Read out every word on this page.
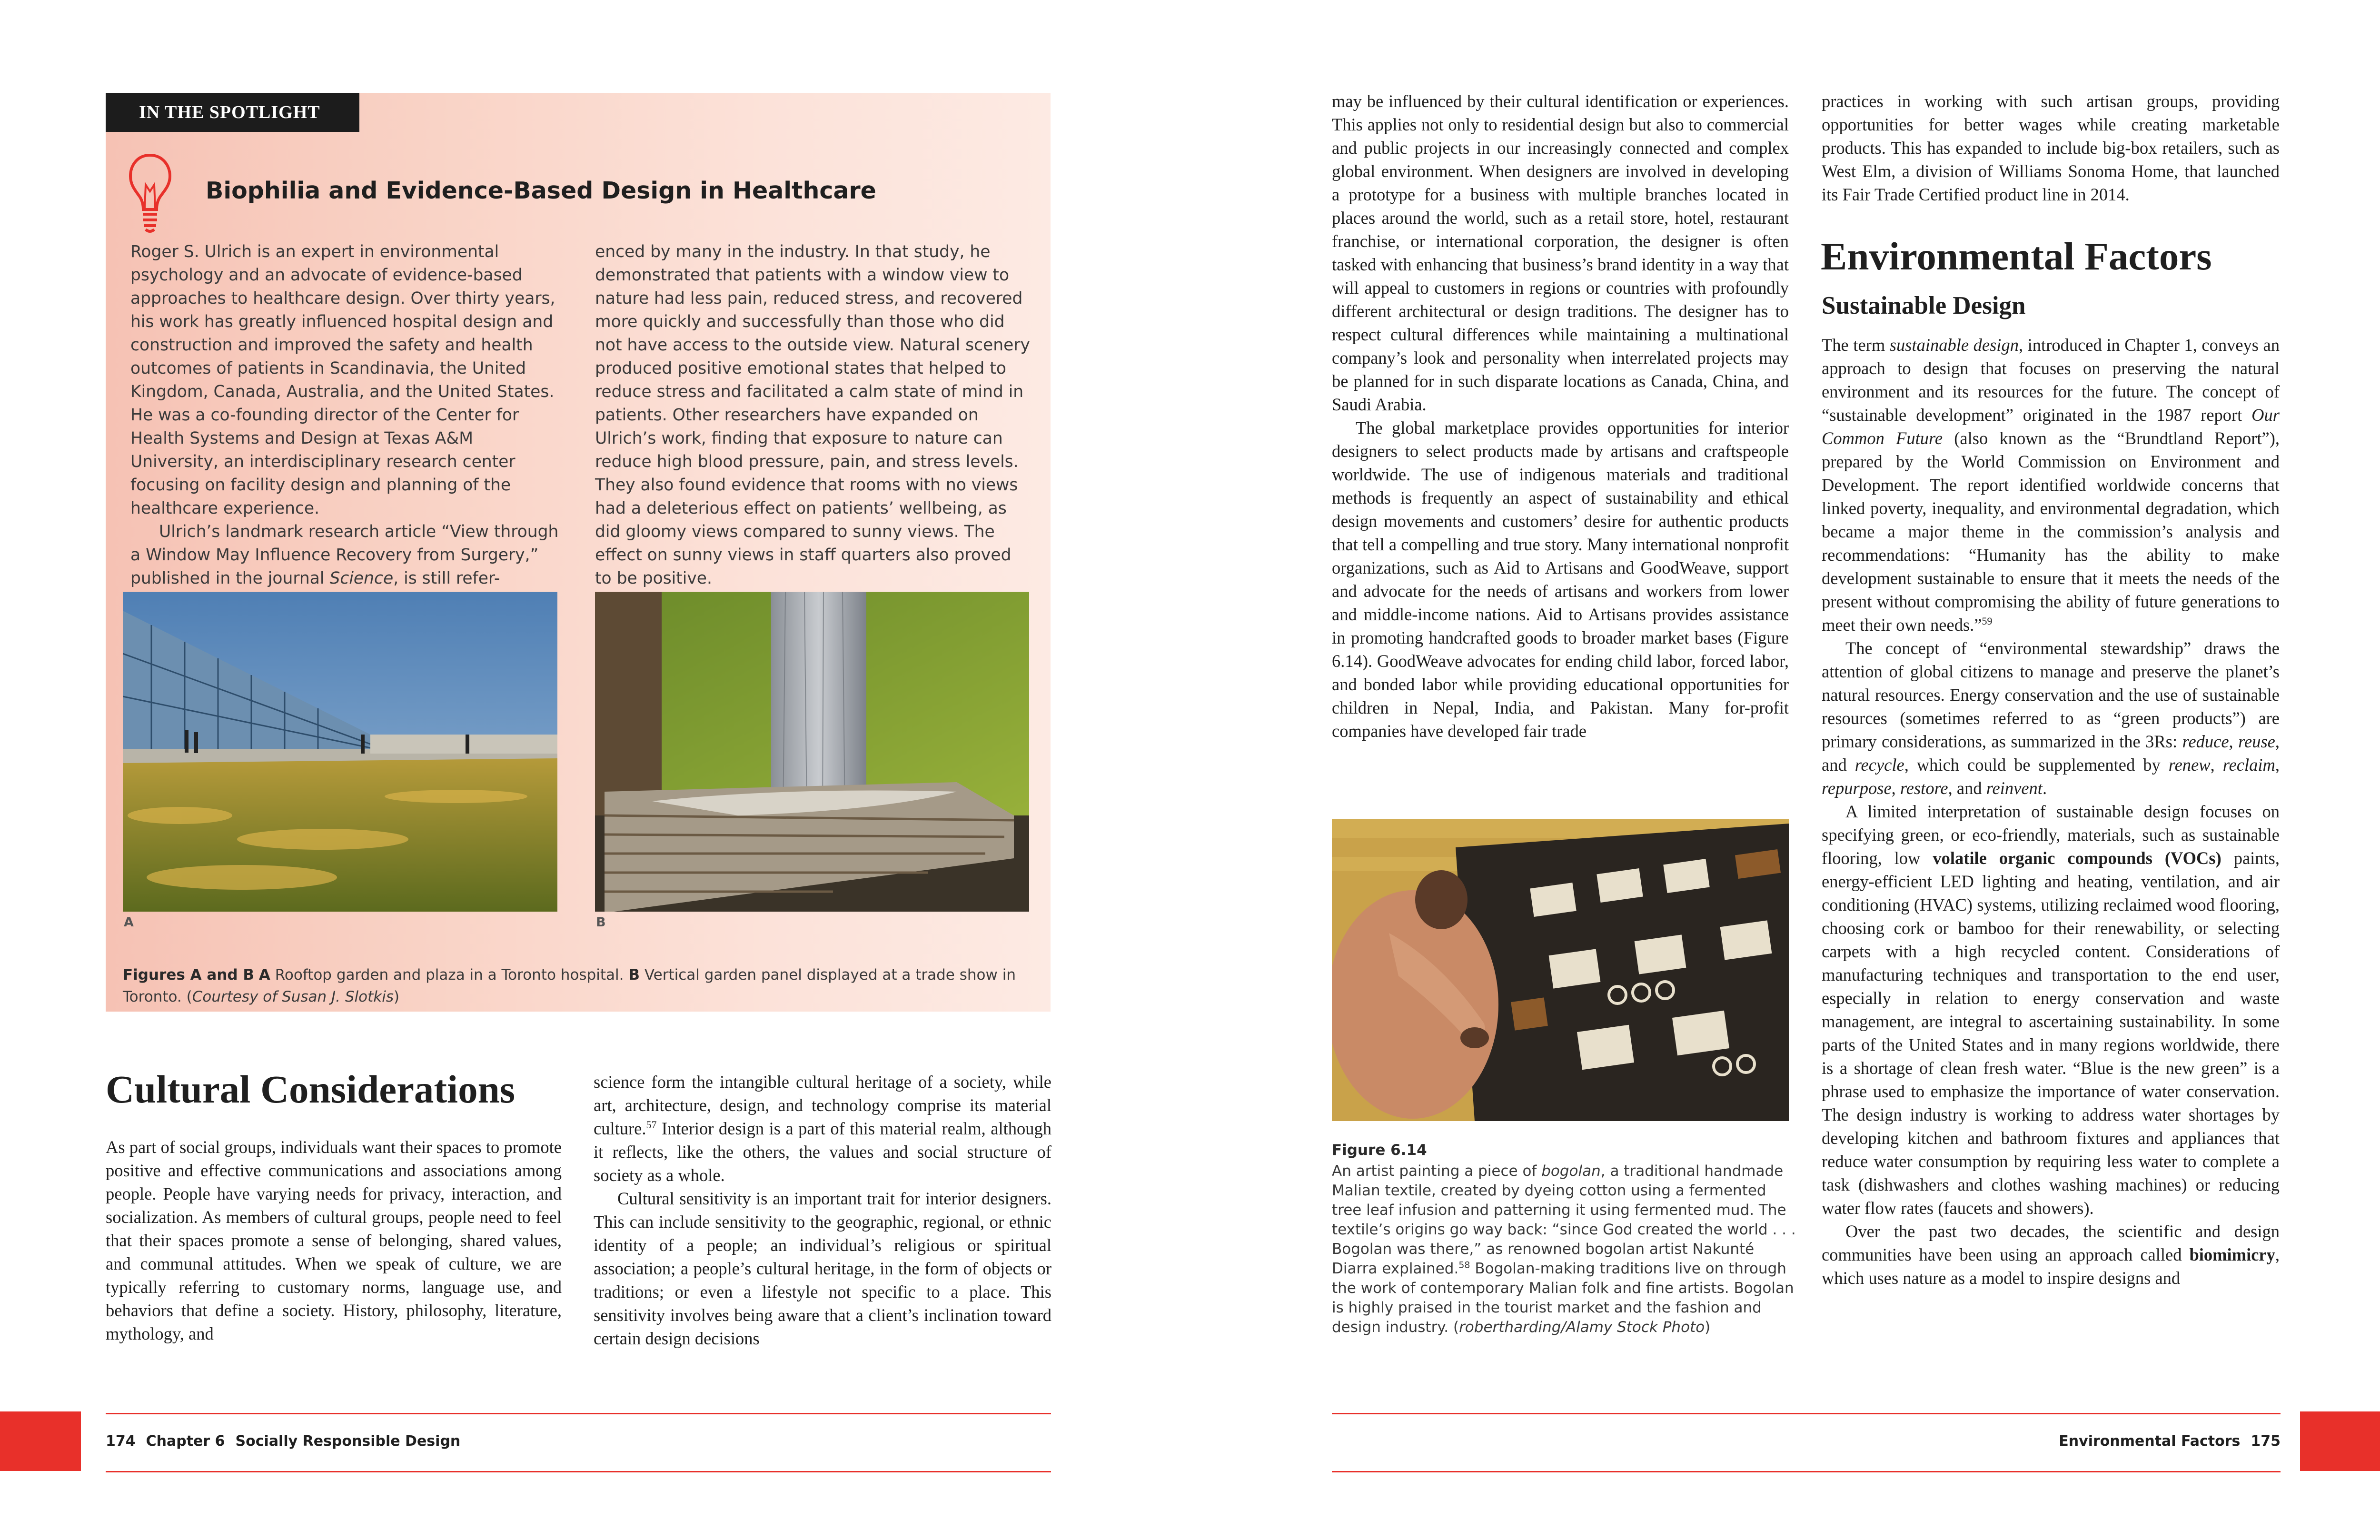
IN THE SPOTLIGHT
Biophilia and Evidence-Based Design in Healthcare

Roger S. Ulrich is an expert in environmental psychology and an advocate of evidence-based approaches to healthcare design. Over thirty years, his work has greatly influenced hospital design and construction and improved the safety and health outcomes of patients in Scandinavia, the United Kingdom, Canada, Australia, and the United States. He was a co-founding director of the Center for Health Systems and Design at Texas A&M University, an interdisciplinary research center focusing on facility design and planning of the healthcare experience.

Ulrich’s landmark research article “View through a Window May Influence Recovery from Surgery,” published in the journal Science, is still refer-

enced by many in the industry. In that study, he demonstrated that patients with a window view to nature had less pain, reduced stress, and recovered more quickly and successfully than those who did not have access to the outside view. Natural scenery produced positive emotional states that helped to reduce stress and facilitated a calm state of mind in patients. Other researchers have expanded on Ulrich’s work, finding that exposure to nature can reduce high blood pressure, pain, and stress levels. They also found evidence that rooms with no views had a deleterious effect on patients’ wellbeing, as did gloomy views compared to sunny views. The effect on sunny views in staff quarters also proved to be positive.

A	B
Figures A and B A Rooftop garden and plaza in a Toronto hospital. B Vertical garden panel displayed at a trade show in Toronto. (Courtesy of Susan J. Slotkis)
Cultural Considerations

As part of social groups, individuals want their spaces to promote positive and effective communications and associations among people. People have varying needs for privacy, interaction, and socialization. As members of cultural groups, people need to feel that their spaces promote a sense of belonging, shared values, and communal attitudes. When we speak of culture, we are typically referring to customary norms, language use, and behaviors that define a society. History, philosophy, literature, mythology, and

science form the intangible cultural heritage of a society, while art, architecture, design, and technology comprise its material culture.$^{57}$ Interior design is a part of this material realm, although it reflects, like the others, the values and social structure of society as a whole.

Cultural sensitivity is an important trait for interior designers. This can include sensitivity to the geographic, regional, or ethnic identity of a people; an individual’s religious or spiritual association; a people’s cultural heritage, in the form of objects or traditions; or even a lifestyle not specific to a place. This sensitivity involves being aware that a client’s inclination toward certain design decisions

174 Chapter 6 Socially Responsible Design

may be influenced by their cultural identification or experiences. This applies not only to residential design but also to commercial and public projects in our increasingly connected and complex global environment. When designers are involved in developing a prototype for a business with multiple branches located in places around the world, such as a retail store, hotel, restaurant franchise, or international corporation, the designer is often tasked with enhancing that business’s brand identity in a way that will appeal to customers in regions or countries with profoundly different architectural or design traditions. The designer has to respect cultural differences while maintaining a multinational company’s look and personality when interrelated projects may be planned for in such disparate locations as Canada, China, and Saudi Arabia.

The global marketplace provides opportunities for interior designers to select products made by artisans and craftspeople worldwide. The use of indigenous materials and traditional methods is frequently an aspect of sustainability and ethical design movements and customers’ desire for authentic products that tell a compelling and true story. Many international nonprofit organizations, such as Aid to Artisans and GoodWeave, support and advocate for the needs of artisans and workers from lower and middle-income nations. Aid to Artisans provides assistance in promoting handcrafted goods to broader market bases (Figure 6.14). GoodWeave advocates for ending child labor, forced labor, and bonded labor while providing educational opportunities for children in Nepal, India, and Pakistan. Many for-profit companies have developed fair trade

Figure 6.14
An artist painting a piece of bogolan, a traditional handmade Malian textile, created by dyeing cotton using a fermented tree leaf infusion and patterning it using fermented mud. The textile’s origins go way back: “since God created the world . . . Bogolan was there,” as renowned bogolan artist Nakunté Diarra explained.$^{58}$ Bogolan-making traditions live on through the work of contemporary Malian folk and fine artists. Bogolan is highly praised in the tourist market and the fashion and design industry. (robertharding/Alamy Stock Photo)

practices in working with such artisan groups, providing opportunities for better wages while creating marketable products. This has expanded to include big-box retailers, such as West Elm, a division of Williams Sonoma Home, that launched its Fair Trade Certified product line in 2014.

Environmental Factors
Sustainable Design

The term sustainable design, introduced in Chapter 1, conveys an approach to design that focuses on preserving the natural environment and its resources for the future. The concept of “sustainable development” originated in the 1987 report Our Common Future (also known as the “Brundtland Report”), prepared by the World Commission on Environment and Development. The report identified worldwide concerns that linked poverty, inequality, and environmental degradation, which became a major theme in the commission’s analysis and recommendations: “Humanity has the ability to make development sustainable to ensure that it meets the needs of the present without compromising the ability of future generations to meet their own needs.”$^{59}$

The concept of “environmental stewardship” draws the attention of global citizens to manage and preserve the planet’s natural resources. Energy conservation and the use of sustainable resources (sometimes referred to as “green products”) are primary considerations, as summarized in the 3Rs: reduce, reuse, and recycle, which could be supplemented by renew, reclaim, repurpose, restore, and reinvent.

A limited interpretation of sustainable design focuses on specifying green, or eco-friendly, materials, such as sustainable flooring, low volatile organic compounds (VOCs) paints, energy-efficient LED lighting and heating, ventilation, and air conditioning (HVAC) systems, utilizing reclaimed wood flooring, choosing cork or bamboo for their renewability, or selecting carpets with a high recycled content. Considerations of manufacturing techniques and transportation to the end user, especially in relation to energy conservation and waste management, are integral to ascertaining sustainability. In some parts of the United States and in many regions worldwide, there is a shortage of clean fresh water. “Blue is the new green” is a phrase used to emphasize the importance of water conservation. The design industry is working to address water shortages by developing kitchen and bathroom fixtures and appliances that reduce water consumption by requiring less water to complete a task (dishwashers and clothes washing machines) or reducing water flow rates (faucets and showers).

Over the past two decades, the scientific and design communities have been using an approach called biomimicry, which uses nature as a model to inspire designs and

Environmental Factors 175
